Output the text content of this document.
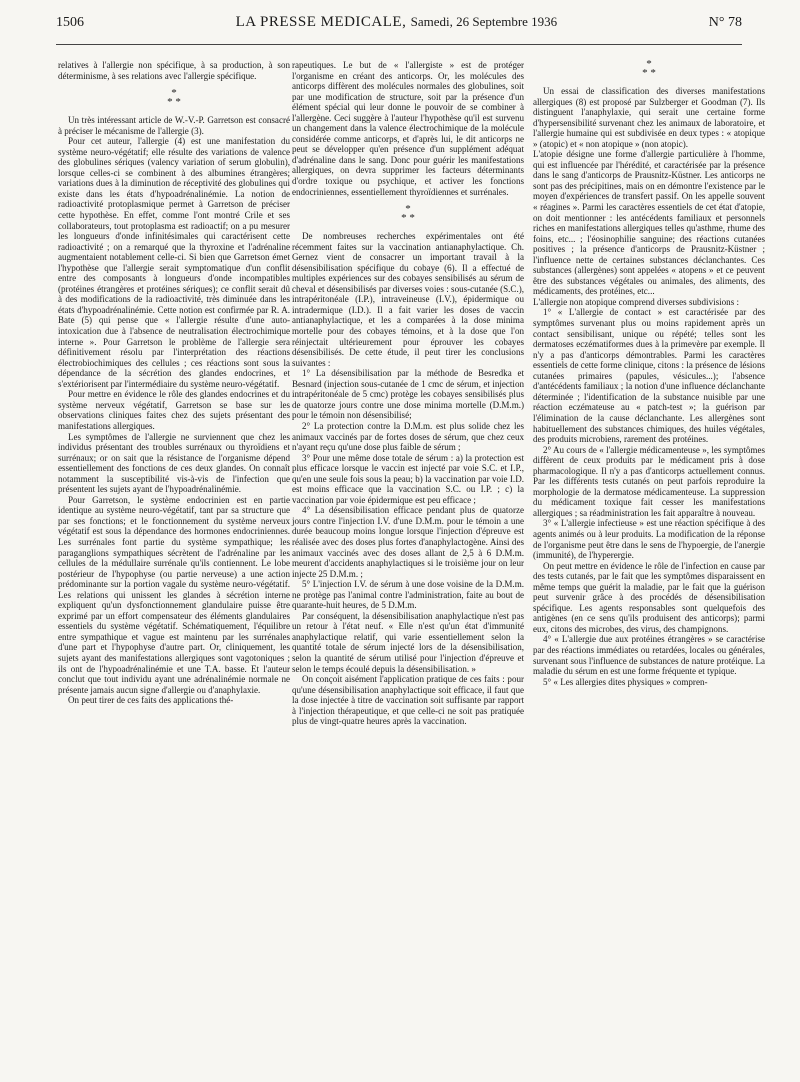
1506	LA PRESSE MEDICALE, Samedi, 26 Septembre 1936	N° 78

relatives à l'allergie non spécifique, à sa production, à son déterminisme, à ses relations avec l'allergie spécifique.

*
* *

Un très intéressant article de W.-V.-P. Garretson est consacré à préciser le mécanisme de l'allergie (3).

Pour cet auteur, l'allergie (4) est une manifestation du système neuro-végétatif; elle résulte des variations de valence des globulines sériques (valency variation of serum globulin), lorsque celles-ci se combinent à des albumines étrangères; variations dues à la diminution de réceptivité des globulines qui existe dans les états d'hypoadrénalinémie. La notion de radioactivité protoplasmique permet à Garretson de préciser cette hypothèse. En effet, comme l'ont montré Crile et ses collaborateurs, tout protoplasma est radioactif; on a pu mesurer les longueurs d'onde infinitésimales qui caractérisent cette radioactivité ; on a remarqué que la thyroxine et l'adrénaline augmentaient notablement celle-ci. Si bien que Garretson émet l'hypothèse que l'allergie serait symptomatique d'un conflit entre des composants à longueurs d'onde incompatibles (protéines étrangères et protéines sériques); ce conflit serait dû à des modifications de la radioactivité, très diminuée dans les états d'hypoadrénalinémie. Cette notion est confirmée par R. A. Bate (5) qui pense que « l'allergie résulte d'une auto-intoxication due à l'absence de neutralisation électrochimique interne ». Pour Garretson le problème de l'allergie sera définitivement résolu par l'interprétation des réactions électrobiochimiques des cellules ; ces réactions sont sous la dépendance de la sécrétion des glandes endocrines, et s'extériorisent par l'intermédiaire du système neuro-végétatif.

Pour mettre en évidence le rôle des glandes endocrines et du système nerveux végétatif, Garretson se base sur les observations cliniques faites chez des sujets présentant des manifestations allergiques.

Les symptômes de l'allergie ne surviennent que chez les individus présentant des troubles surrénaux ou thyroïdiens et surrénaux; or on sait que la résistance de l'organisme dépend essentiellement des fonctions de ces deux glandes. On connaît notamment la susceptibilité vis-à-vis de l'infection que présentent les sujets ayant de l'hypoadrénalinémie.

Pour Garretson, le système endocrinien est en partie identique au système neuro-végétatif, tant par sa structure que par ses fonctions; et le fonctionnement du système nerveux végétatif est sous la dépendance des hormones endocriniennes. Les surrénales font partie du système sympathique; les paraganglions sympathiques sécrètent de l'adrénaline par les cellules de la médullaire surrénale qu'ils contiennent. Le lobe postérieur de l'hypophyse (ou partie nerveuse) a une action prédominante sur la portion vagale du système neuro-végétatif. Les relations qui unissent les glandes à sécrétion interne expliquent qu'un dysfonctionnement glandulaire puisse être exprimé par un effort compensateur des éléments glandulaires essentiels du système végétatif. Schématiquement, l'équilibre entre sympathique et vague est maintenu par les surrénales d'une part et l'hypophyse d'autre part. Or, cliniquement, les sujets ayant des manifestations allergiques sont vagotoniques ; ils ont de l'hypoadrénalinémie et une T.A. basse. Et l'auteur conclut que tout individu ayant une adrénalinémie normale ne présente jamais aucun signe d'allergie ou d'anaphylaxie.

On peut tirer de ces faits des applications thé-

rapeutiques. Le but de « l'allergiste » est de protéger l'organisme en créant des anticorps. Or, les molécules des anticorps diffèrent des molécules normales des globulines, soit par une modification de structure, soit par la présence d'un élément spécial qui leur donne le pouvoir de se combiner à l'allergène. Ceci suggère à l'auteur l'hypothèse qu'il est survenu un changement dans la valence électrochimique de la molécule considérée comme anticorps, et d'après lui, le dit anticorps ne peut se développer qu'en présence d'un supplément adéquat d'adrénaline dans le sang. Donc pour guérir les manifestations allergiques, on devra supprimer les facteurs déterminants d'ordre toxique ou psychique, et activer les fonctions endocriniennes, essentiellement thyroïdiennes et surrénales.

*
* *

De nombreuses recherches expérimentales ont été récemment faites sur la vaccination antianaphylactique. Ch. Gernez vient de consacrer un important travail à la désensibilisation spécifique du cobaye (6). Il a effectué de multiples expériences sur des cobayes sensibilisés au sérum de cheval et désensibilisés par diverses voies : sous-cutanée (S.C.), intrapéritonéale (I.P.), intraveineuse (I.V.), épidermique ou intradermique (I.D.). Il a fait varier les doses de vaccin antianaphylactique, et les a comparées à la dose minima mortelle pour des cobayes témoins, et à la dose que l'on réinjectait ultérieurement pour éprouver les cobayes désensibilisés. De cette étude, il peut tirer les conclusions suivantes :

1° La désensibilisation par la méthode de Besredka et Besnard (injection sous-cutanée de 1 cmc de sérum, et injection intrapéritonéale de 5 cmc) protège les cobayes sensibilisés plus de quatorze jours contre une dose minima mortelle (D.M.m.) pour le témoin non désensibilisé;

2° La protection contre la D.M.m. est plus solide chez les animaux vaccinés par de fortes doses de sérum, que chez ceux n'ayant reçu qu'une dose plus faible de sérum ;

3° Pour une même dose totale de sérum : a) la protection est plus efficace lorsque le vaccin est injecté par voie S.C. et I.P., qu'en une seule fois sous la peau; b) la vaccination par voie I.D. est moins efficace que la vaccination S.C. ou I.P. ; c) la vaccination par voie épidermique est peu efficace ;

4° La désensibilisation efficace pendant plus de quatorze jours contre l'injection I.V. d'une D.M.m. pour le témoin a une durée beaucoup moins longue lorsque l'injection d'épreuve est réalisée avec des doses plus fortes d'anaphylactogène. Ainsi des animaux vaccinés avec des doses allant de 2,5 à 6 D.M.m. meurent d'accidents anaphylactiques si le troisième jour on leur injecte 25 D.M.m. ;

5° L'injection I.V. de sérum à une dose voisine de la D.M.m. ne protège pas l'animal contre l'administration, faite au bout de quarante-huit heures, de 5 D.M.m.

Par conséquent, la désensibilisation anaphylactique n'est pas un retour à l'état neuf. « Elle n'est qu'un état d'immunité anaphylactique relatif, qui varie essentiellement selon la quantité totale de sérum injecté lors de la désensibilisation, selon la quantité de sérum utilisé pour l'injection d'épreuve et selon le temps écoulé depuis la désensibilisation. »

On conçoit aisément l'application pratique de ces faits : pour qu'une désensibilisation anaphylactique soit efficace, il faut que la dose injectée à titre de vaccination soit suffisante par rapport à l'injection thérapeutique, et que celle-ci ne soit pas pratiquée plus de vingt-quatre heures après la vaccination.

*
* *

Un essai de classification des diverses manifestations allergiques (8) est proposé par Sulzberger et Goodman (7). Ils distinguent l'anaphylaxie, qui serait une certaine forme d'hypersensibilité survenant chez les animaux de laboratoire, et l'allergie humaine qui est subdivisée en deux types : « atopique » (atopic) et « non atopique » (non atopic).

L'atopie désigne une forme d'allergie particulière à l'homme, qui est influencée par l'hérédité, et caractérisée par la présence dans le sang d'anticorps de Prausnitz-Küstner. Les anticorps ne sont pas des précipitines, mais on en démontre l'existence par le moyen d'expériences de transfert passif. On les appelle souvent « réagines ». Parmi les caractères essentiels de cet état d'atopie, on doit mentionner : les antécédents familiaux et personnels riches en manifestations allergiques telles qu'asthme, rhume des foins, etc... ; l'éosinophilie sanguine; des réactions cutanées positives ; la présence d'anticorps de Prausnitz-Küstner ; l'influence nette de certaines substances déclanchantes. Ces substances (allergènes) sont appelées « atopens » et ce peuvent être des substances végétales ou animales, des aliments, des médicaments, des protéines, etc...

L'allergie non atopique comprend diverses subdivisions :

1° « L'allergie de contact » est caractérisée par des symptômes survenant plus ou moins rapidement après un contact sensibilisant, unique ou répété; telles sont les dermatoses eczématiformes dues à la primevère par exemple. Il n'y a pas d'anticorps démontrables. Parmi les caractères essentiels de cette forme clinique, citons : la présence de lésions cutanées primaires (papules, vésicules...); l'absence d'antécédents familiaux ; la notion d'une influence déclanchante déterminée ; l'identification de la substance nuisible par une réaction eczémateuse au « patch-test »; la guérison par l'élimination de la cause déclanchante. Les allergènes sont habituellement des substances chimiques, des huiles végétales, des produits microbiens, rarement des protéines.

2° Au cours de « l'allergie médicamenteuse », les symptômes diffèrent de ceux produits par le médicament pris à dose pharmacologique. Il n'y a pas d'anticorps actuellement connus. Par les différents tests cutanés on peut parfois reproduire la morphologie de la dermatose médicamenteuse. La suppression du médicament toxique fait cesser les manifestations allergiques ; sa réadministration les fait apparaître à nouveau.

3° « L'allergie infectieuse » est une réaction spécifique à des agents animés ou à leur produits. La modification de la réponse de l'organisme peut être dans le sens de l'hypoergie, de l'anergie (immunité), de l'hyperergie.

On peut mettre en évidence le rôle de l'infection en cause par des tests cutanés, par le fait que les symptômes disparaissent en même temps que guérit la maladie, par le fait que la guérison peut survenir grâce à des procédés de désensibilisation spécifique. Les agents responsables sont quelquefois des antigènes (en ce sens qu'ils produisent des anticorps); parmi eux, citons des microbes, des virus, des champignons.

4° « L'allergie due aux protéines étrangères » se caractérise par des réactions immédiates ou retardées, locales ou générales, survenant sous l'influence de substances de nature protéique. La maladie du sérum en est une forme fréquente et typique.

5° « Les allergies dites physiques » compren-
